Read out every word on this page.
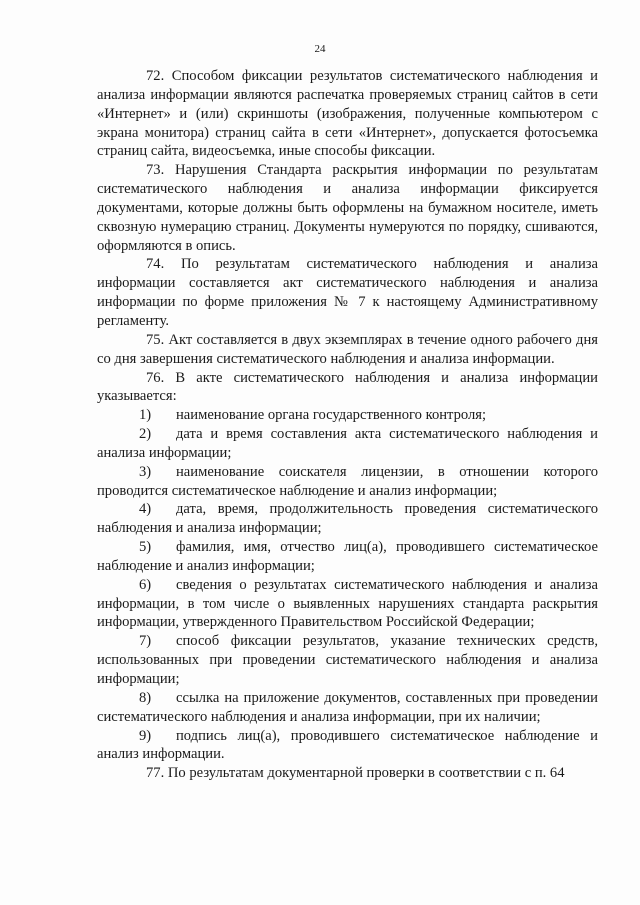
24

72. Способом фиксации результатов систематического наблюдения и анализа информации являются распечатка проверяемых страниц сайтов в сети «Интернет» и (или) скриншоты (изображения, полученные компьютером с экрана монитора) страниц сайта в сети «Интернет», допускается фотосъемка страниц сайта, видеосъемка, иные способы фиксации.

73. Нарушения Стандарта раскрытия информации по результатам систематического наблюдения и анализа информации фиксируется документами, которые должны быть оформлены на бумажном носителе, иметь сквозную нумерацию страниц. Документы нумеруются по порядку, сшиваются, оформляются в опись.

74. По результатам систематического наблюдения и анализа информации составляется акт систематического наблюдения и анализа информации по форме приложения № 7 к настоящему Административному регламенту.

75. Акт составляется в двух экземплярах в течение одного рабочего дня со дня завершения систематического наблюдения и анализа информации.

76. В акте систематического наблюдения и анализа информации указывается:

1) наименование органа государственного контроля;

2) дата и время составления акта систематического наблюдения и анализа информации;

3) наименование соискателя лицензии, в отношении которого проводится систематическое наблюдение и анализ информации;

4) дата, время, продолжительность проведения систематического наблюдения и анализа информации;

5) фамилия, имя, отчество лиц(а), проводившего систематическое наблюдение и анализ информации;

6) сведения о результатах систематического наблюдения и анализа информации, в том числе о выявленных нарушениях стандарта раскрытия информации, утвержденного Правительством Российской Федерации;

7) способ фиксации результатов, указание технических средств, использованных при проведении систематического наблюдения и анализа информации;

8) ссылка на приложение документов, составленных при проведении систематического наблюдения и анализа информации, при их наличии;

9) подпись лиц(а), проводившего систематическое наблюдение и анализ информации.

77. По результатам документарной проверки в соответствии с п. 64
